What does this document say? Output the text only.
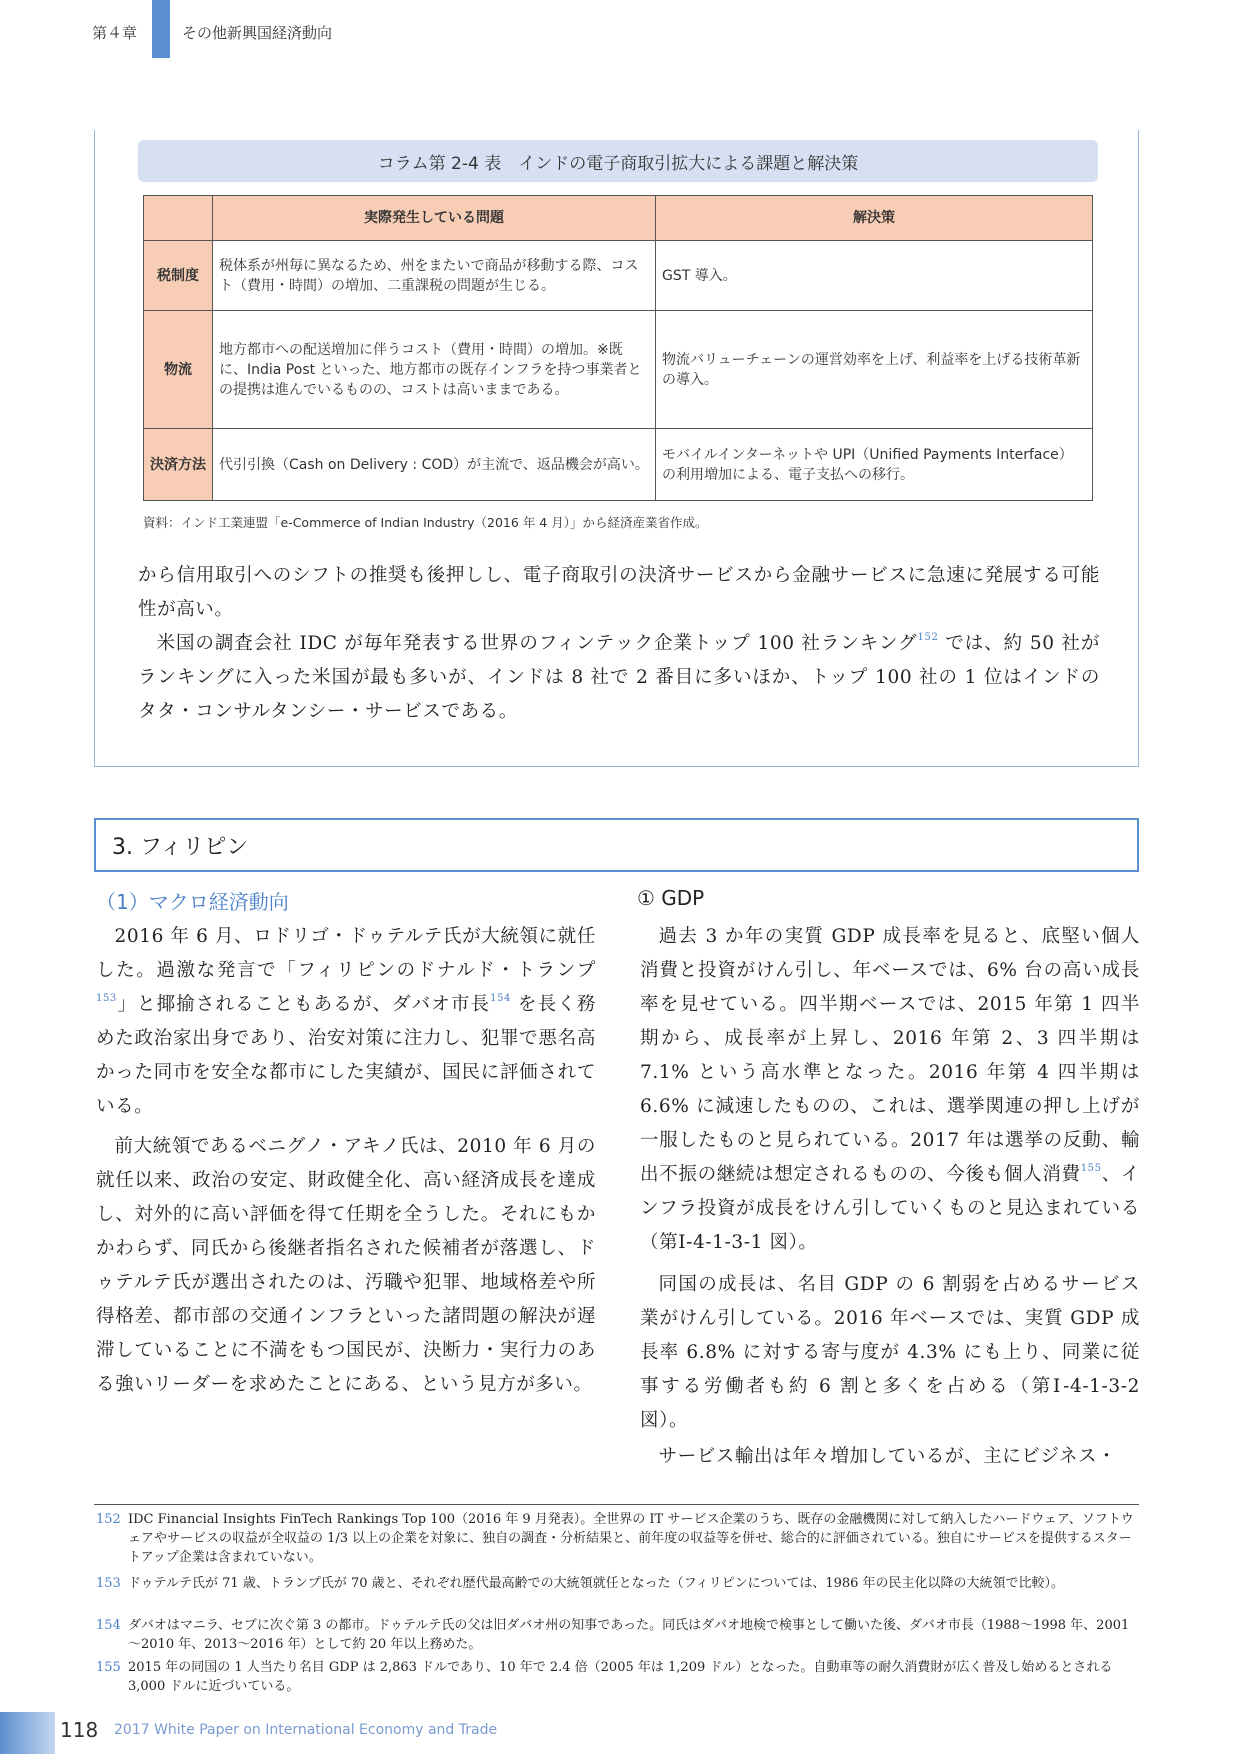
第４章	その他新興国経済動向
コラム第 2-4 表　インドの電子商取引拡大による課題と解決策
	実際発生している問題	解決策
税制度	税体系が州毎に異なるため、州をまたいで商品が移動する際、コスト（費用・時間）の増加、二重課税の問題が生じる。	GST 導入。
物流	地方都市への配送増加に伴うコスト（費用・時間）の増加。※既に、India Post といった、地方都市の既存インフラを持つ事業者との提携は進んでいるものの、コストは高いままである。	物流バリューチェーンの運営効率を上げ、利益率を上げる技術革新の導入。
決済方法	代引引換（Cash on Delivery : COD）が主流で、返品機会が高い。	モバイルインターネットや UPI（Unified Payments Interface）の利用増加による、電子支払への移行。
資料：インド工業連盟「e-Commerce of Indian Industry（2016 年 4 月）」から経済産業省作成。
から信用取引へのシフトの推奨も後押しし、電子商取引の決済サービスから金融サービスに急速に発展する可能性が高い。
米国の調査会社 IDC が毎年発表する世界のフィンテック企業トップ 100 社ランキング$^{152}$ では、約 50 社がランキングに入った米国が最も多いが、インドは 8 社で 2 番目に多いほか、トップ 100 社の 1 位はインドのタタ・コンサルタンシー・サービスである。
3. フィリピン
（1）マクロ経済動向	① GDP
2016 年 6 月、ロドリゴ・ドゥテルテ氏が大統領に就任した。過激な発言で「フィリピンのドナルド・トランプ$^{153}$」と揶揄されることもあるが、ダバオ市長$^{154}$ を長く務めた政治家出身であり、治安対策に注力し、犯罪で悪名高かった同市を安全な都市にした実績が、国民に評価されている。
前大統領であるベニグノ・アキノ氏は、2010 年 6 月の就任以来、政治の安定、財政健全化、高い経済成長を達成し、対外的に高い評価を得て任期を全うした。それにもかかわらず、同氏から後継者指名された候補者が落選し、ドゥテルテ氏が選出されたのは、汚職や犯罪、地域格差や所得格差、都市部の交通インフラといった諸問題の解決が遅滞していることに不満をもつ国民が、決断力・実行力のある強いリーダーを求めたことにある、という見方が多い。
過去 3 か年の実質 GDP 成長率を見ると、底堅い個人消費と投資がけん引し、年ベースでは、6% 台の高い成長率を見せている。四半期ベースでは、2015 年第 1 四半期から、成長率が上昇し、2016 年第 2、3 四半期は 7.1% という高水準となった。2016 年第 4 四半期は 6.6% に減速したものの、これは、選挙関連の押し上げが一服したものと見られている。2017 年は選挙の反動、輸出不振の継続は想定されるものの、今後も個人消費$^{155}$、インフラ投資が成長をけん引していくものと見込まれている（第Ⅰ-4-1-3-1 図）。
同国の成長は、名目 GDP の 6 割弱を占めるサービス業がけん引している。2016 年ベースでは、実質 GDP 成長率 6.8% に対する寄与度が 4.3% にも上り、同業に従事する労働者も約 6 割と多くを占める（第Ⅰ-4-1-3-2 図）。
サービス輸出は年々増加しているが、主にビジネス・
152 IDC Financial Insights FinTech Rankings Top 100（2016 年 9 月発表）。全世界の IT サービス企業のうち、既存の金融機関に対して納入したハードウェア、ソフトウェアやサービスの収益が全収益の 1/3 以上の企業を対象に、独自の調査・分析結果と、前年度の収益等を併せ、総合的に評価されている。独自にサービスを提供するスタートアップ企業は含まれていない。
153 ドゥテルテ氏が 71 歳、トランプ氏が 70 歳と、それぞれ歴代最高齢での大統領就任となった（フィリピンについては、1986 年の民主化以降の大統領で比較）。
154 ダバオはマニラ、セブに次ぐ第 3 の都市。ドゥテルテ氏の父は旧ダバオ州の知事であった。同氏はダバオ地検で検事として働いた後、ダバオ市長（1988～1998 年、2001～2010 年、2013～2016 年）として約 20 年以上務めた。
155 2015 年の同国の 1 人当たり名目 GDP は 2,863 ドルであり、10 年で 2.4 倍（2005 年は 1,209 ドル）となった。自動車等の耐久消費財が広く普及し始めるとされる 3,000 ドルに近づいている。
118 2017 White Paper on International Economy and Trade
